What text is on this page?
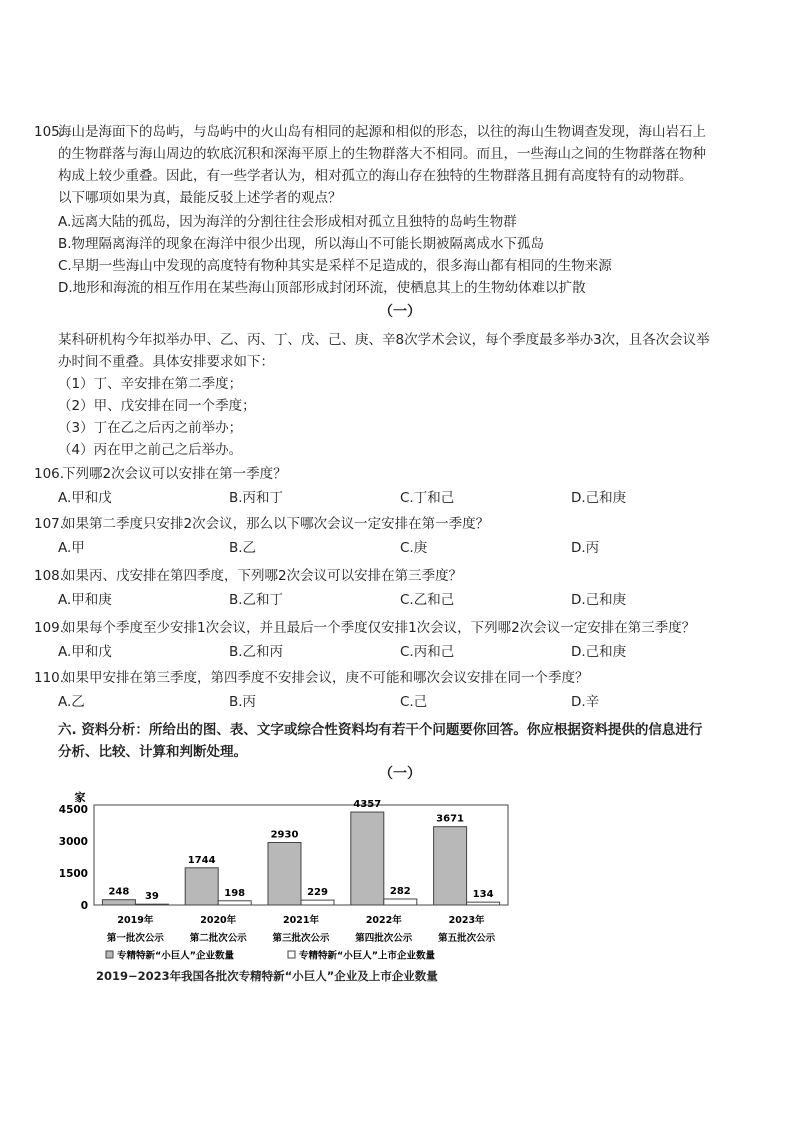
105.
海山是海面下的岛屿，与岛屿中的火山岛有相同的起源和相似的形态，以往的海山生物调查发现，海山岩石上
的生物群落与海山周边的软底沉积和深海平原上的生物群落大不相同。而且，一些海山之间的生物群落在物种
构成上较少重叠。因此，有一些学者认为，相对孤立的海山存在独特的生物群落且拥有高度特有的动物群。
以下哪项如果为真，最能反驳上述学者的观点？
A.远离大陆的孤岛，因为海洋的分割往往会形成相对孤立且独特的岛屿生物群
B.物理隔离海洋的现象在海洋中很少出现，所以海山不可能长期被隔离成水下孤岛
C.早期一些海山中发现的高度特有物种其实是采样不足造成的，很多海山都有相同的生物来源
D.地形和海流的相互作用在某些海山顶部形成封闭环流，使栖息其上的生物幼体难以扩散
（一）
某科研机构今年拟举办甲、乙、丙、丁、戊、己、庚、辛8次学术会议，每个季度最多举办3次，且各次会议举
办时间不重叠。具体安排要求如下：
（1）丁、辛安排在第二季度；
（2）甲、戊安排在同一个季度；
（3）丁在乙之后丙之前举办；
（4）丙在甲之前己之后举办。
106.
下列哪2次会议可以安排在第一季度？
A.甲和戊	B.丙和丁	C.丁和己	D.己和庚
107.
如果第二季度只安排2次会议，那么以下哪次会议一定安排在第一季度？
A.甲	B.乙	C.庚	D.丙
108.
如果丙、戊安排在第四季度，下列哪2次会议可以安排在第三季度？
A.甲和庚	B.乙和丁	C.乙和己	D.己和庚
109.
如果每个季度至少安排1次会议，并且最后一个季度仅安排1次会议，下列哪2次会议一定安排在第三季度？
A.甲和戊	B.乙和丙	C.丙和己	D.己和庚
110.
如果甲安排在第三季度，第四季度不安排会议，庚不可能和哪次会议安排在同一个季度？
A.乙	B.丙	C.己	D.辛
六. 资料分析：所给出的图、表、文字或综合性资料均有若干个问题要你回答。你应根据资料提供的信息进行
分析、比较、计算和判断处理。
（一）
家
0
1500
3000
4500
248 39
1744
198
2930
229
4357
282
3671
134
2019年
第一批次公示
2020年
第二批次公示
2021年
第三批次公示
2022年
第四批次公示
2023年
第五批次公示
专精特新“小巨人”企业数量	专精特新“小巨人”上市企业数量
2019−2023年我国各批次专精特新“小巨人”企业及上市企业数量
